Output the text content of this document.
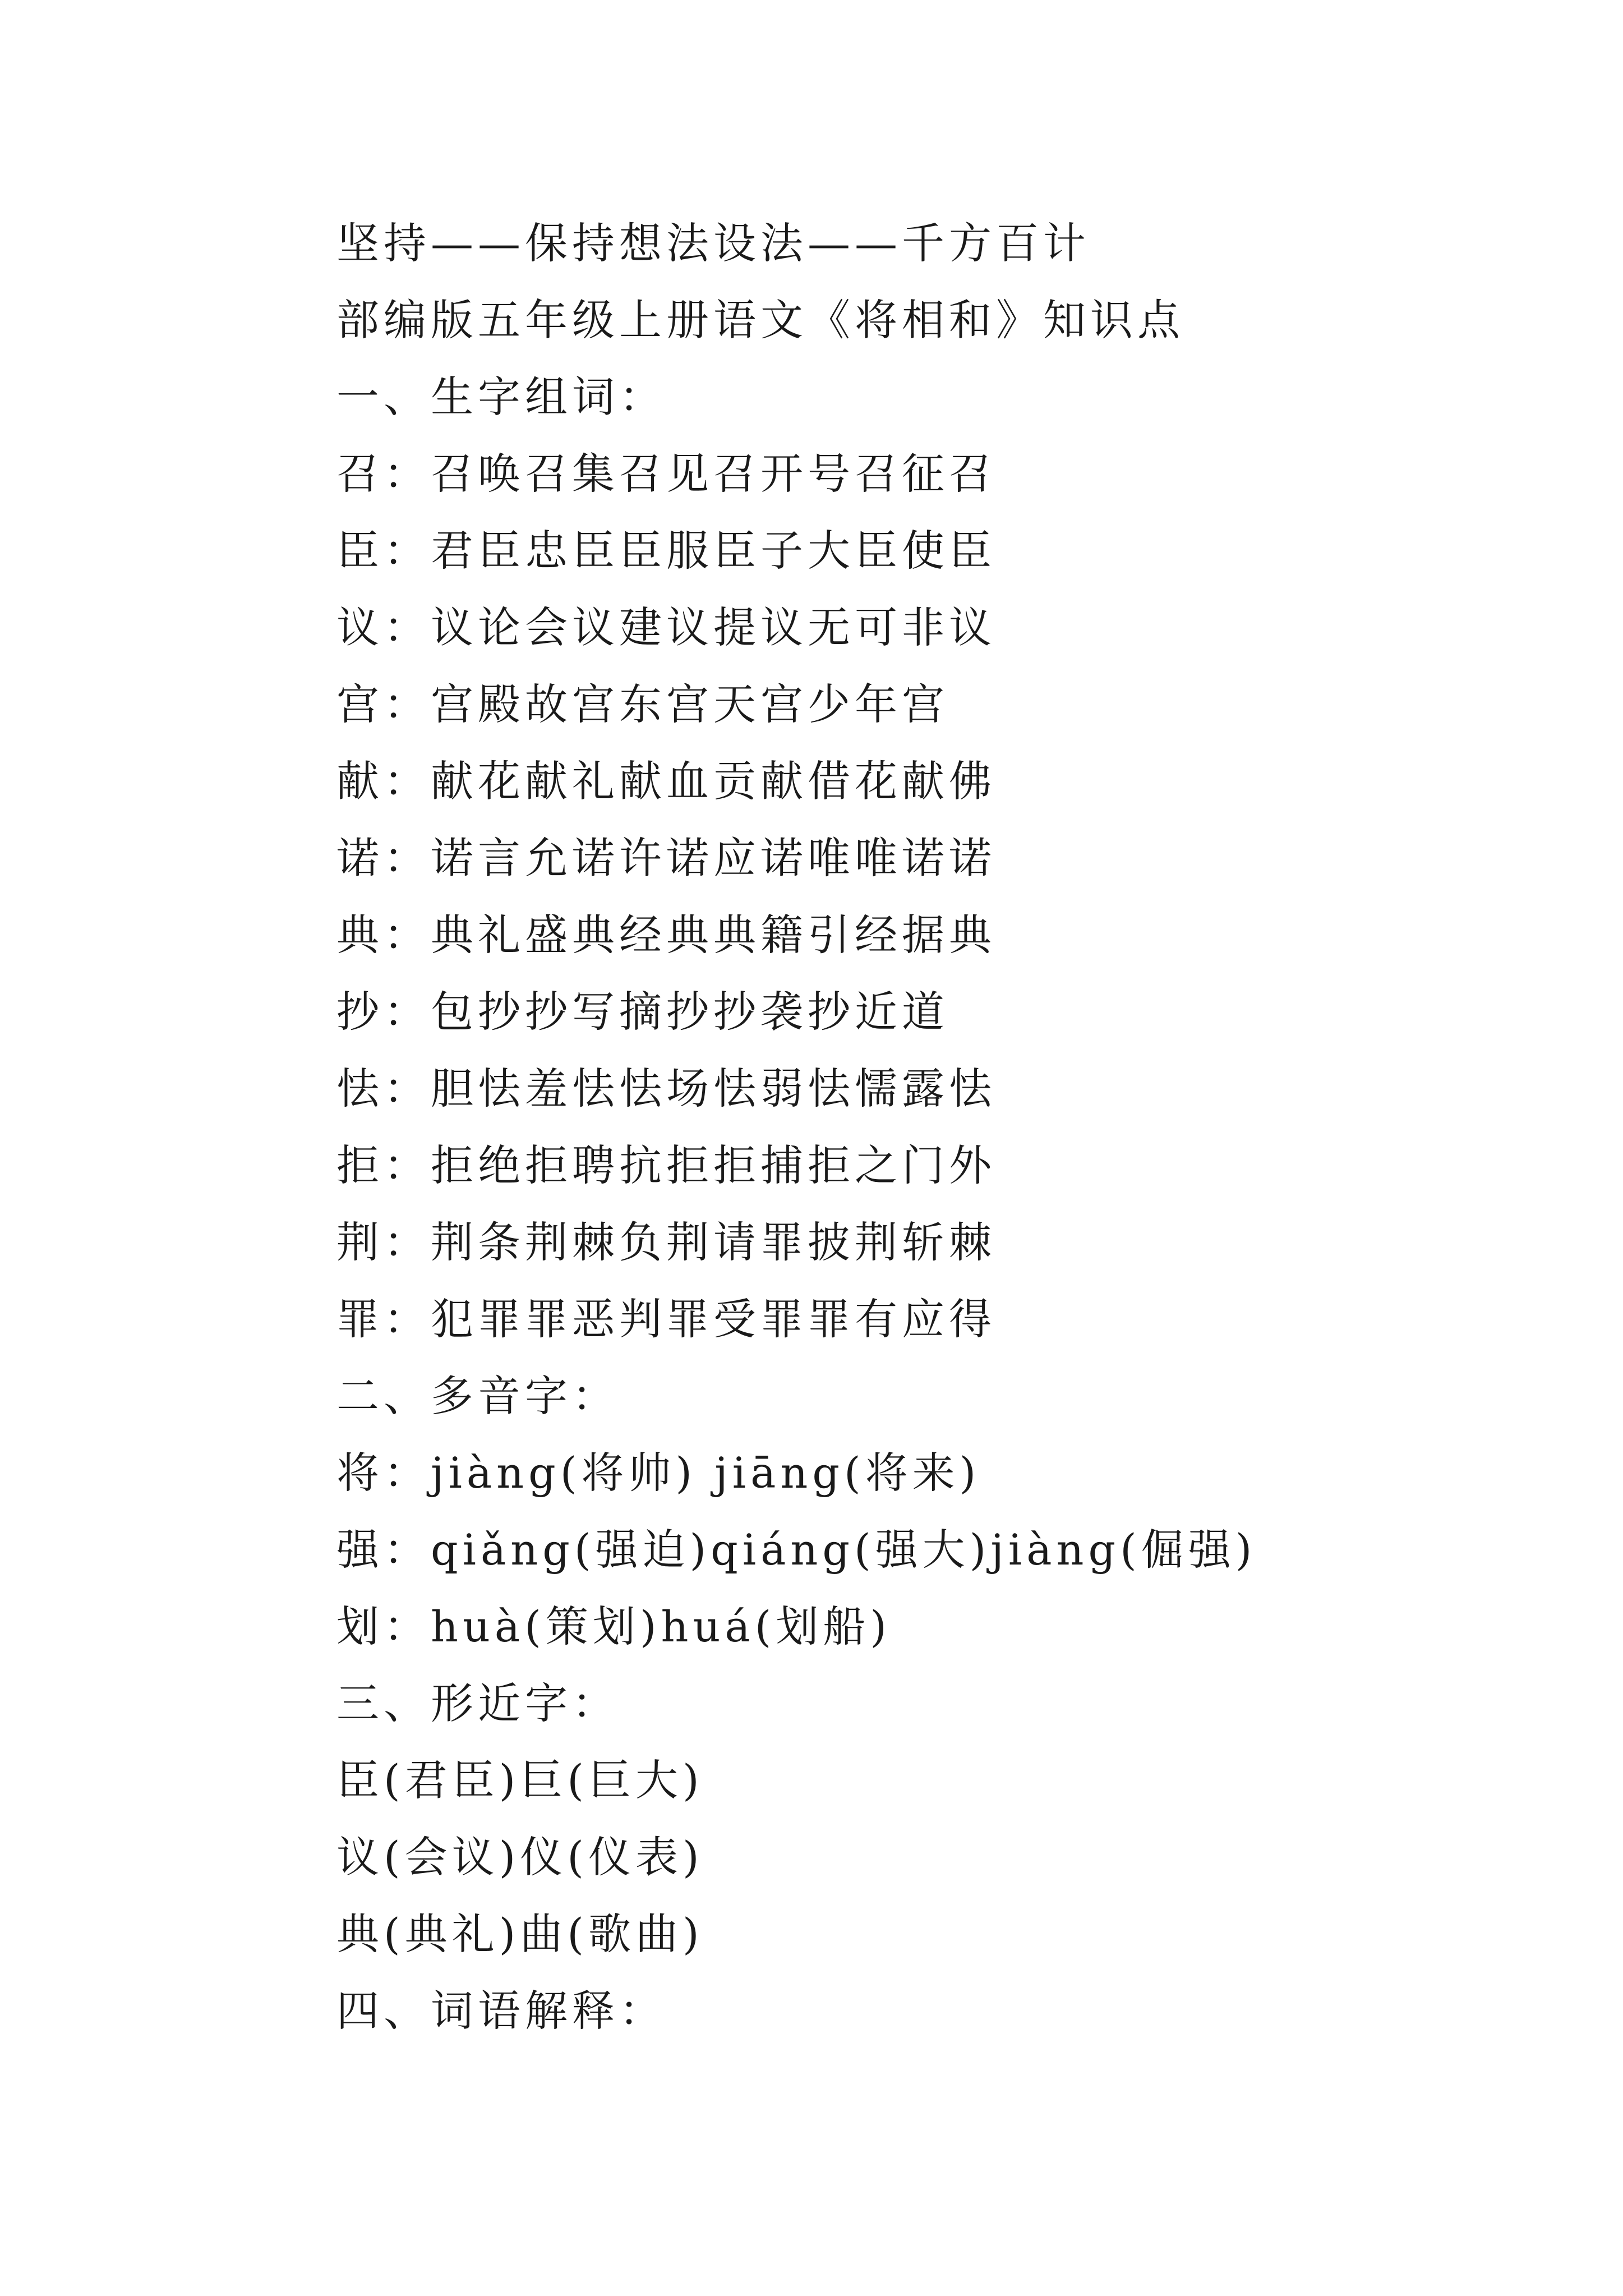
坚持——保持想法设法——千方百计
部编版五年级上册语文《将相和》知识点
一、生字组词：
召：召唤召集召见召开号召征召
臣：君臣忠臣臣服臣子大臣使臣
议：议论会议建议提议无可非议
宫：宫殿故宫东宫天宫少年宫
献：献花献礼献血贡献借花献佛
诺：诺言允诺许诺应诺唯唯诺诺
典：典礼盛典经典典籍引经据典
抄：包抄抄写摘抄抄袭抄近道
怯：胆怯羞怯怯场怯弱怯懦露怯
拒：拒绝拒聘抗拒拒捕拒之门外
荆：荆条荆棘负荆请罪披荆斩棘
罪：犯罪罪恶判罪受罪罪有应得
二、多音字：
将：jiàng(将帅) jiāng(将来)
强：qiǎng(强迫)qiáng(强大)jiàng(倔强)
划：huà(策划)huá(划船)
三、形近字：
臣(君臣)巨(巨大)
议(会议)仪(仪表)
典(典礼)曲(歌曲)
四、词语解释：
